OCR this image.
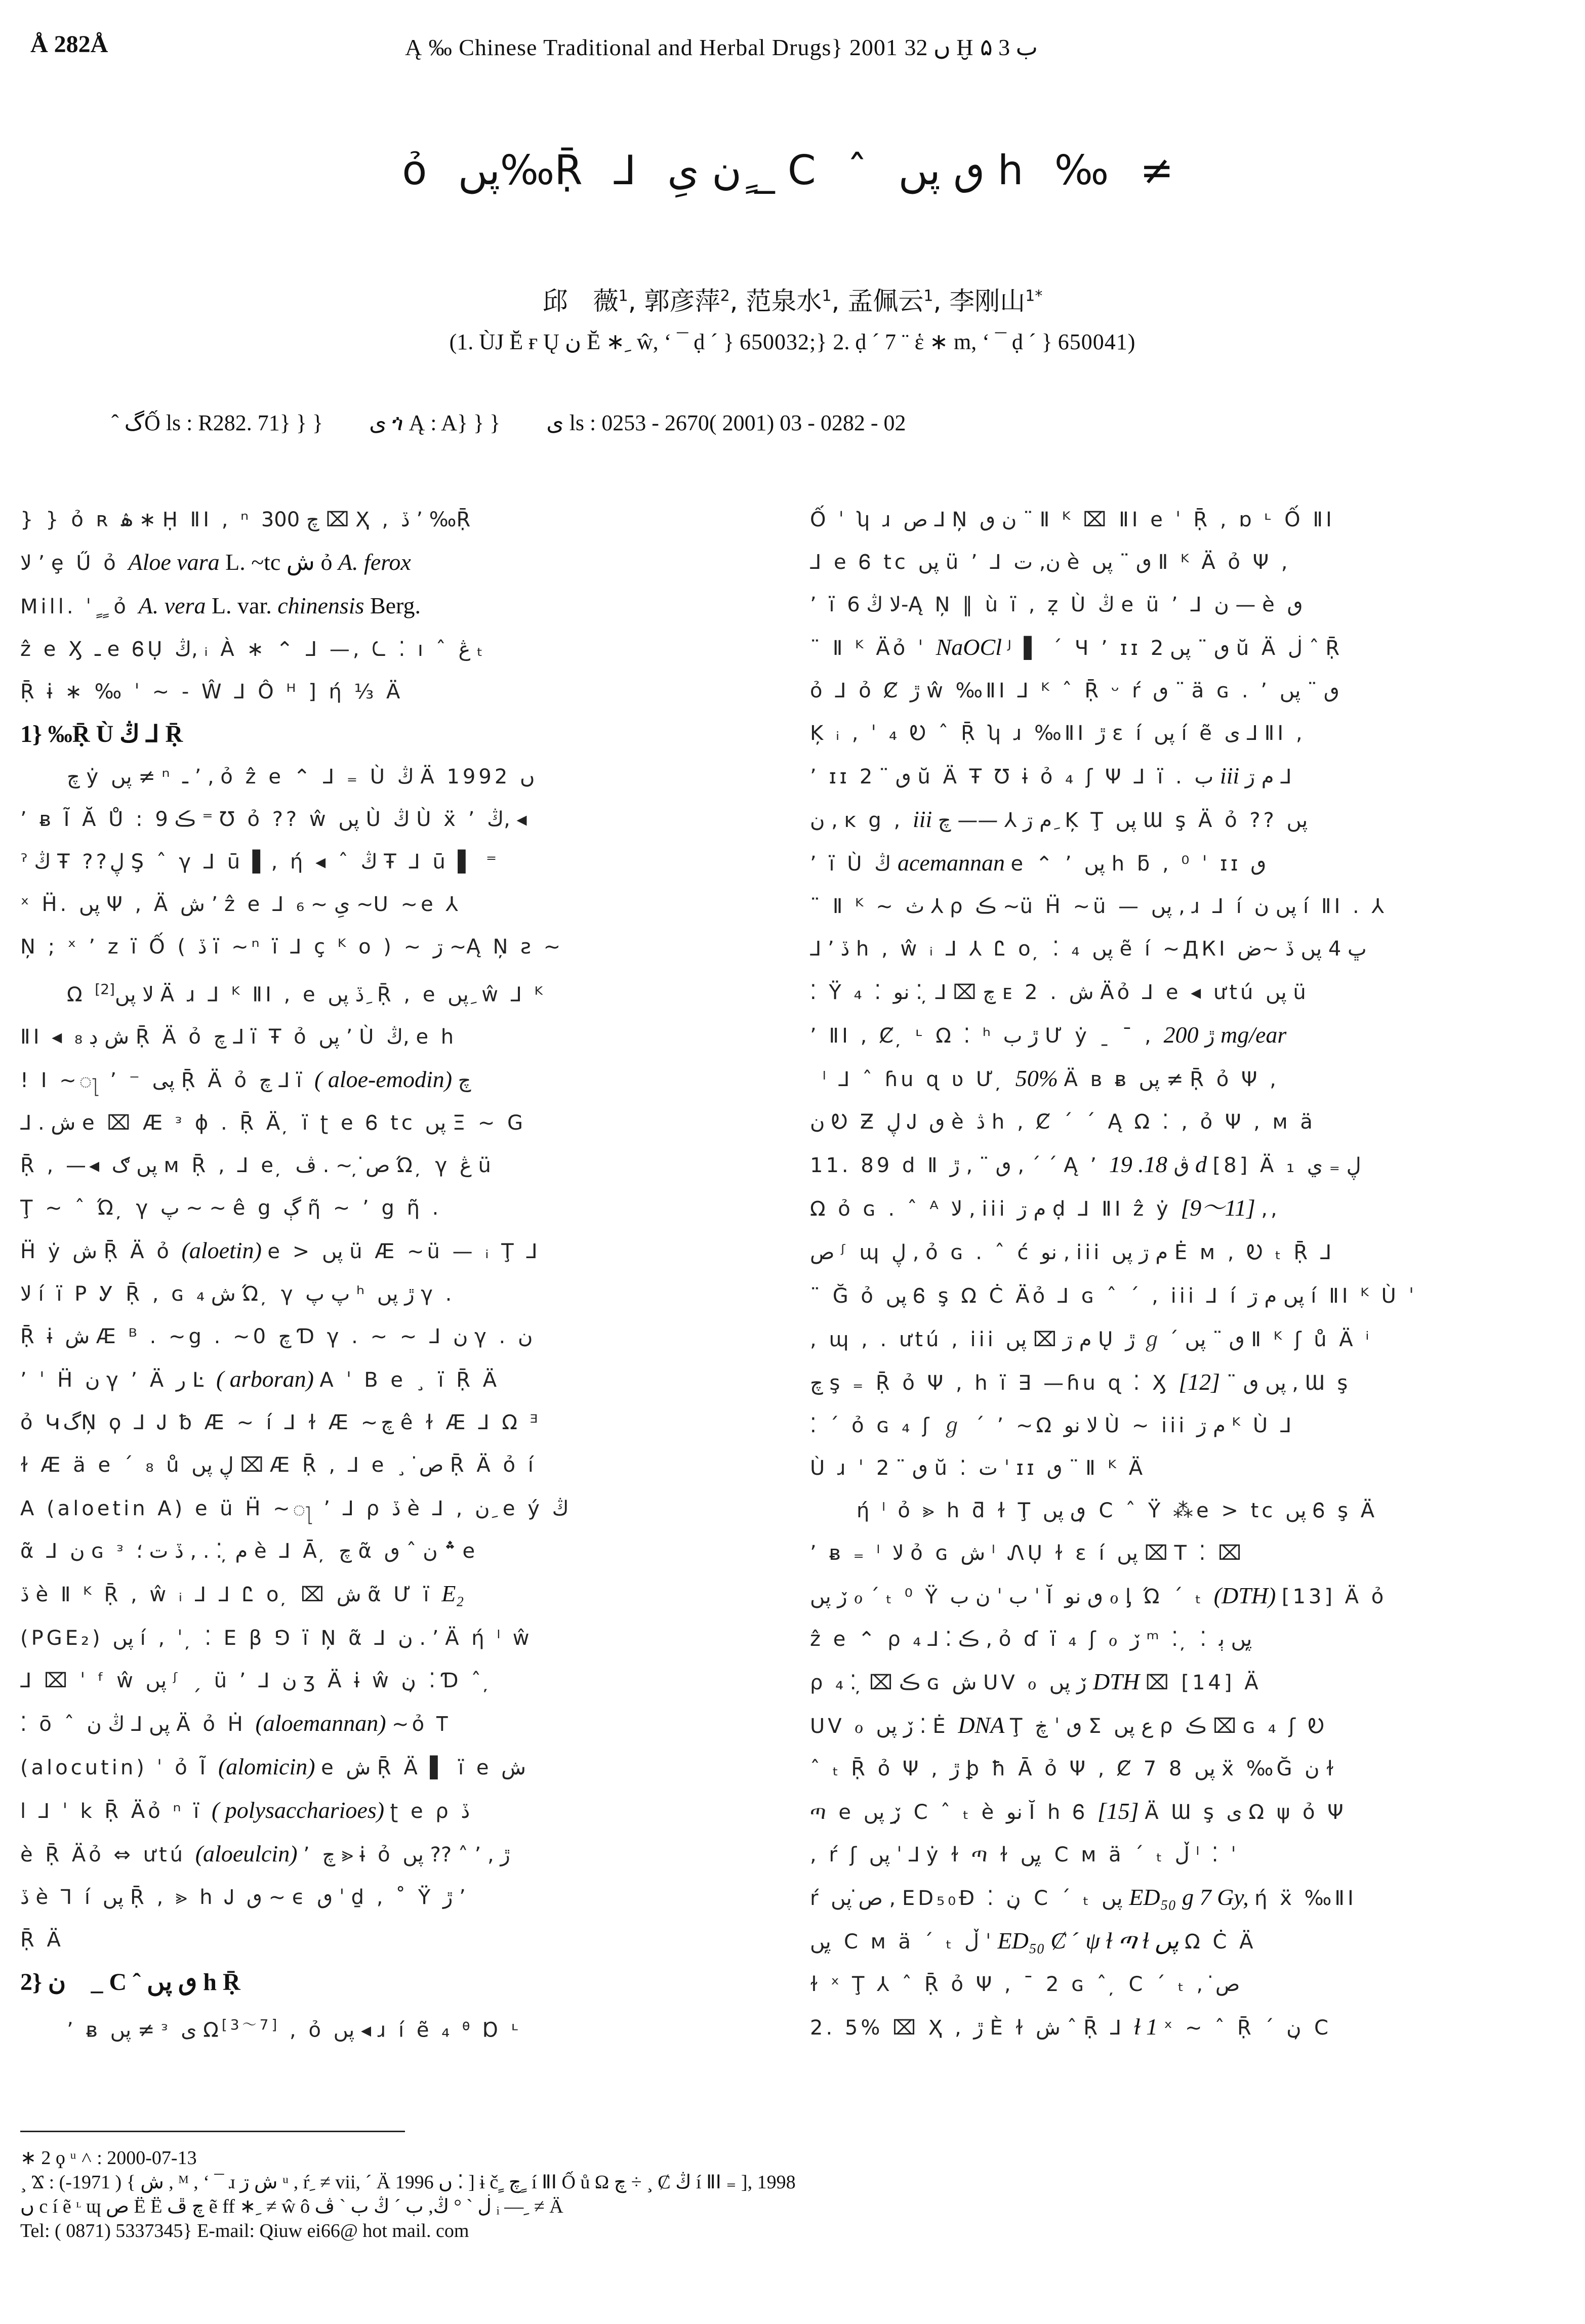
Å 282Å	Ą ‰ Chinese Traditional and Herbal Drugs} 2001 ں 32 Ḫ ب 3 ۵
ỏ پں‰Ṝ ⅃ ن یِ ٍ_ C ˆ ٯ پں h ‰ ≠
邱　薇$^1$, 郭彦萍$^2$, 范泉水$^1$, 孟佩云$^1$, 李刚山$^{1*}$
(1. ÙJ Ĕ ғ Ų ن Ĕ ∗ ِ ŵ, ‘ ¯ ḍ ´ } 650032;} 2. ḍ ´ 7 ¨ ἑ ∗ m, ‘ ¯ ḍ ´ } 650041)
ˆ گỐ ls : R282. 71} } } ی ጎ Ą : A} } } ی ls : 0253 - 2670( 2001) 03 - 0282 - 02
} } ỏ ʀ ۿ ∗ Ḥ ⅡⅠ , ⁿ چ 300 ⌧ Ҳ , ڏ ʼ ‰Ṝ
ﻻ ʼ ȩ Ű ỏ Aloe vara L. ~tc ش ỏ A. ferox
Mill. ˈ ٍ ٍ ỏ A. vera L. var. chinensis Berg.
ẑ e Ӽ ـ e ᏮỤ ڭ, ᵢ À ∗ ⌃ ⅃ —, ᘇ ⁚ ı ˆ ڠ ₜ
Ṝ ɨ ∗ ‰ ˈ ~ - Ŵ ⅃ Ô ᴴ ] ή ⅓ Ä
1} ‰Ṝ Ù ڭ ⅃ Ṝ
ﭺ ẏ پں ≠ ⁿ ـ ʼ , ỏ ẑ e ⌃ ⅃ ₌ Ù ڭ Ä 1992 ں
ʼ ᴃ Ĩ Ă Ů : ڪ 9 ⁼ Ʊ ỏ ?? ŵ پں Ù ڭ Ù ẍ ʼ ڭ, ◂
ˀ ڭ Ŧ ??ڸ Ş ˆ γ ⅃ ū ▌, ή ◂ ˆ ڭ Ŧ ⅃ ū ▌ ⁼
ˣ Ḧ. پں Ψ , Ä ش ʼ ẑ e ⅃ یِ ~ ₆ ~U ~e ⅄
Ņ ; ˣ ʼ z ï Ố ( ڏ ï ~ⁿ ï ⅃ ç ᴷ o ) ~ ڗ ~Ą Ņ ƨ ~
Ω ﻻ پں[2] Ä ɹ ⅃ ᴷ ⅡⅠ , e ڏ پں ِ Ṝ , e پں ِ ŵ ⅃ ᴷ
ⅡⅠ ◂ ش ڊ ₈ Ṝ Ä ỏ ﭺ ⅃ ï Ŧ ỏ پں ʼ Ù ڭ, e h
! I ~ႃ ʼ ⁻ پی Ṝ Ä ỏ ﭺ ⅃ ï ( aloe-emodin) ﭺ
⅃ . ش e ⌧ Æ ᵌ ϕ . Ṝ Ä ̦ ï ʈ e Ꮾ tc پں Ξ ~ G
Ṝ , —◂ پں ګ ᴍ Ṝ , ⅃ e ̦ ص̇ ̦ ~ . ڤ Ώ ̦ γ ڠ ü
Ţ ~ ˆ Ώ ̦ γ پ ~ ~ ê g ڳ ῆ ~ ʼ g ῆ .
Ḧ ẏ ش Ṝ Ä ỏ (aloetin) e > پں ü Æ ~ü — ᵢ Ţ ⅃
ﻻ í ï P Ꭹ Ṝ , ɢ ش ₄ Ώ ̦ γ پ پ ʰ ڙ پں γ .
Ṝ ɨ ش Æ ᴮ . ~g . ~0 چ Ɗ γ . ~ ~ ⅃ ن γ . ن
ʼ ˈ Ḧ ن γ ʼ Ä ر Ŀ ( arboran) A ˈ B e ¸ ï Ṝ Ä
ỏ ԿگŅ ϙ ⅃ Ꭻ ƀ Æ ~ í ⅃ ɫ Æ ~ﭺ ê ɫ Æ ⅃ Ω ᴲ
ɫ Æ ä e ˊ ₈ ů ڸ پں ⌧ Æ Ṝ , ⅃ e ¸ ص̇ Ṝ Ä ỏ í
A (aloetin A) e ü Ḧ ~ႃ ʼ ⅃ ρ ڏ è ⅃ , ن ِ e ý ڭ
ᾶ ⅃ ن ɢ ᵌ ﻡ ̦ ⁚ . , ڏ ت ؛ è ⅃ Ā ̦ چ ᾶ ؞ ن ˆ ٯ e
ڏ è Ⅱ ᴷ Ṝ , ŵ ᵢ ⅃ ⅃ Ꮭ o ̦ ⌧ ش ᾶ Ư ï E₂
(PGE₂) پں í , ˈ ̦ ⁚ E β ⅁ ï Ņ ᾶ ⅃ ن . ʼ Ä ή ˡ ŵ
⅃ ⌧ ˈ ᶠ ŵ پں ᶴ ˏ ü ʼ ⅃ ن ʒ Ä ɨ ŵ ن ̦ ⁚ Ɗ ˆ ̦
⁚ ō ˆ پں ⅃ ڭ ن Ä ỏ Ḣ (aloemannan) ~ỏ Ꭲ
(alocutin) ˈ ỏ Ĩ (alomicin) e ش Ṝ Ä ▌ ï e ش
l ⅃ ˈ k Ṝ Äỏ ⁿ ï ( polysaccharioes) ʈ e ρ ڏ
è Ṝ Äỏ ⇔ ưtú (aloeulcin) ʼ ﭺ ⪢ ɨ ỏ پں ?? ˄ ʼ , ڙ
ڏ è ⅂ í پں Ṝ , ⪢ h Ꭻ ٯ ~ ϵ ٯ ˈ ḏ , ˚ Ÿ ڙ ʼ
Ṝ Ä
2} ن ٍ_ C ˆ ٯ پں h Ṝ
ʼ ᴃ پں ≠ ᵌ ی Ω[3～7] , ỏ پں ◂ ɹ í ẽ ₄ ᶿ Ɒ ᶫ
Ố ˈ ʮ ɹ ص ⅃ Ņ ن ٯ ¨ Ⅱ ᴷ ⌧ ⅡⅠ e ˈ Ṝ , ɒ ᶫ Ố ⅡⅠ
⅃ e Ꮾ tc پں ü ʼ ⅃ ن, ت è ٯ ¨ پں Ⅱ ᴷ Ä ỏ Ψ ,
ʼ ï ﻻ ڭ 6-Ą Ņ ‖ ù ï , ẓ Ù ڭ e ü ʼ ⅃ ن — è ٯ
¨ Ⅱ ᴷ Äỏ ˈ NaOCl ᴶ ▌ ˊ Ч ʼ ɪɪ ٯ ¨ پں 2 ŭ Ä ڶ ˆ Ṝ
ỏ ⅃ ỏ Ȼ ڙ ŵ ‰ⅡⅠ ⅃ ᴷ ˆ Ṝ ᵕ ŕ ٯ ¨ ä ɢ . ʼ ٯ ¨ پں
Ķ ᵢ , ˈ ₄ Ꭷ ˆ Ṝ ʮ ɹ ‰ⅡⅠ ڙ ɛ í پں í ẽ ی ⅃ ⅡⅠ ,
ʼ ɪɪ ٯ ¨ 2 ŭ Ä Ŧ Ʊ ɨ ỏ ₄ ʃ Ψ ⅃ ï . ب iii ﻡ ڗ ⅃
ن , ĸ g , iii ﻡ ڗ ⅄ —— ﭺ ِ Ķ Ţ پں Ɯ ş Ä ỏ ?? پں
ʼ ï Ù ڭ acemannan e ⌃ ʼ پں h ƃ , ⁰ ˈ ɪɪ ٯ
¨ Ⅱ ᴷ ~ ث ⅄ ρ ڪ ~ü Ḧ ~ü — پں , ɹ ⅃ í پں ن í ⅡⅠ . ⅄
⅃ ʼ ڏ h , ŵ ᵢ ⅃ ⅄ Ꮭ o ̦ ⁚ ₄ پں ẽ í ~ДКⅠ ڀ 4 پں ڏ ~ض
⁚ Ÿ ₄ ⁚ چ ⌧ ⅃ ̦ ⁚ نو ᴇ 2 . ش Äỏ ⅃ e ◂ ưtú پں ü
ʼ ⅡⅠ , Ȼ ̦ ᶫ Ω ⁚ ʰ ڙ ب Ư ẏ ˍ ˉ , ڙ 200 mg/ear
̦ ˡ ⅃ ˆ ɦu ɋ ʋ Ư ̦ 50% Ä ʙ ᴃ پں ≠ Ṝ ỏ Ψ ,
ن Ꭷ Ƶ ڸ Ꭻ ٯ è ڎ h , Ȼ ˊ ˊ Ą Ω ⁚ , ỏ Ψ , ᴍ ä
11. 89 d Ⅱ ٯ ¨ , ڙ , ˊ ˊ Ą ʼ ڨ 18. 19 d [8] Ä ₁ ڸ ₌ ي
Ω ỏ ɢ . ˆ ᴬ ﻻ , iii ﻡ ڗ ḍ ⅃ ⅡⅠ ẑ ẏ [9～11] ,,
ص̇ ᶴ ɰ ڸ , ỏ ɢ . ˆ ć نو , iii ﻡ ڗ پں Ė ᴍ , Ꭷ ₜ Ṝ ⅃
¨ Ğ ỏ پں Ꮾ ş Ω Ċ Äỏ ⅃ ɢ ˆ ˊ , iii ⅃ í پں ﻡ ڗ í ⅡⅠ ᴷ Ù ˈ
, ɰ , . ưtú , iii ﻡ ڗ ⌧ پں Ų ڙ ℊ ˊ ٯ ¨ پں Ⅱ ᴷ ʃ ů Ä ⁱ
ﭺ ş ₌ Ṝ ỏ Ψ , h ï ∃ —ɦu ɋ ⁚ Ӽ پں ٯ ¨ [12] , Ɯ ş
⁚ ˊ ỏ ɢ ₄ ʃ ℊ ˊ ʼ ~Ω ﻻ نو Ù ~ iii ﻡ ڗ ᴷ Ù ⅃
Ù ɹ ˈ ٯ ¨ 2 ŭ ⁚ ت ˈ ɪɪ ٯ ¨ Ⅱ ᴷ Ä
ή ˡ ỏ ⪢ h ƌ ɫ Ţ ٯ پں ̦ C ˆ Ÿ ⁂e > tc پں Ꮾ ş Ä
ʼ ᴃ ₌ ˡ ﻻ ỏ ɢ ش ˡ ᏁỤ ɫ ɛ í پں ⌧ T ⁚ ⌧
ڒ پں ℴ ˊ ₜ ⁰ Ÿ ب ˈ ن ب ˈ Ĭ ٯ نو ℴ ᶅ Ώ ˊ ₜ (DTH) [13] Ä ỏ
ẑ e ⌃ ρ ڪ ⁚ ⅃ ₄ , ỏ ɗ ï ₄ ʃ ℴ ڒ ᵐ ⁚ ̦ ⁚ پں ﭔ ̦
ρ ڪ ⌧ ̦ ⁚ ₄ ɢ ش UV ℴ ڒ پں DTH ⌧ [14] Ä
UV ℴ ڒ پں ⁚ Ė DNA Ţ ٯ ˈ ڿ Σ ع پں ρ ڪ ⌧ ɢ ₄ ʃ Ꭷ
ˆ ₜ Ṝ ỏ Ψ , ڙ ꝧ ħ Ā ỏ Ψ , Ȼ 7 8 پں ẍ ‰Ğ ن ɫ
ጣ e ڒ پں ̦ C ˆ ₜ è نو Ĭ h Ꮾ [15] Ä Ɯ ş ی Ω ψ ỏ Ψ
, ŕ ʃ پں ˈ ⅃ ẏ ɫ ጣ ɫ پں ̦ C ᴍ ä ˊ ₜ ڵ ˡ ⁚ ˈ
ŕ ص̇ پں , ED₅₀Ð ⁚ ن ̦ C ˊ ₜ پں ED₅₀ g 7 Gy, ή ẍ ‰ⅡⅠ
پں ̦ C ᴍ ä ˊ ₜ ڵ ˈ ED₅₀ Ȼ ˊ ψ ɫ ጣ ɫ پں Ω Ċ Ä
ɫ ˣ Ţ ⅄ ˆ Ṝ ỏ Ψ , ˉ 2 ɢ ˆ ̦ C ˊ ₜ , ص̇
2. 5% ⌧ Ҳ , ڙ È ɫ ش ˆ Ṝ ⅃ ɫ 1 ˣ ~ ˆ Ṝ ˊ ن ̦ C
∗ 2 ϙ ᵘ ˄ : 2000-07-13
¸ Ϫ : ش } ( 1971-) , ᴹ , ‘ ¯ ɹ ش ڗ ᵘ , ŕ ِ ≠ vii, ˊ Ä 1996 ں ⁚ ] ɨ č ٍ ﭺ ٍ í ⅡⅠ Ố ů Ω چ ÷ ¸ Ȼ ڭ í ⅡⅠ ₌ ], 1998
ں c í ẽ ᶫ ɰ ص Ё Ё ﭺ ڦ ẽ ff ∗ ِ ≠ ŵ ô ڶ ˋ ° ڭ, ب ˊ ڭ ب ˋ ڤ ᵢ — ِ ≠ Ä
Tel: ( 0871) 5337345} E-mail: Qiuw ei66@ hot mail. com
